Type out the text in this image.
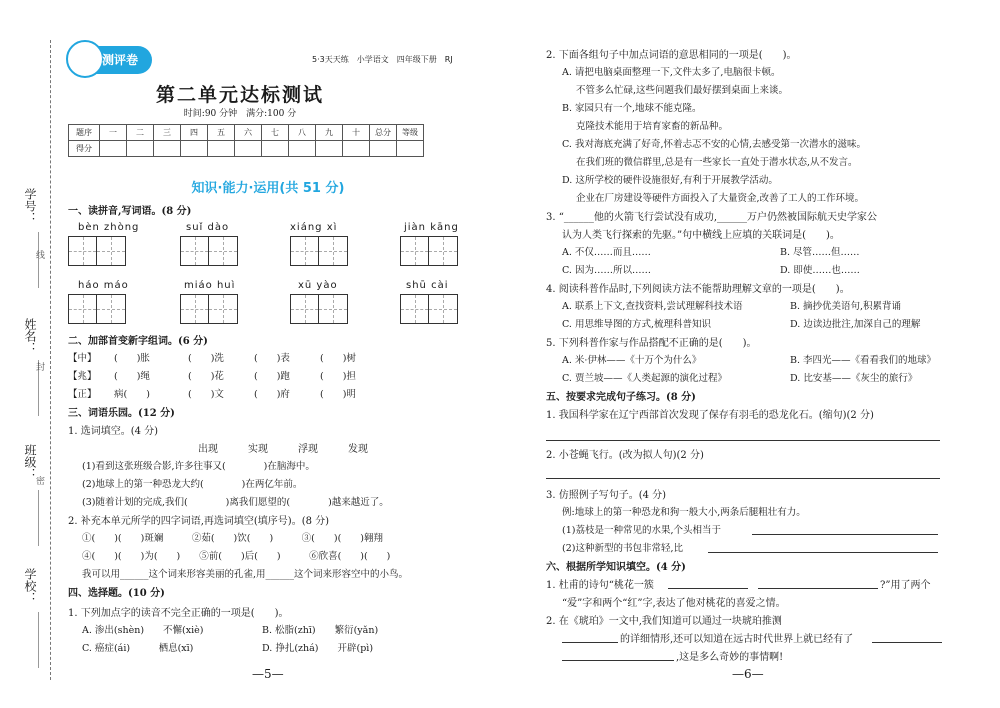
学号：
线
姓名：
封
班级：
密
学校：
测评卷	5·3天天练　小学语文　四年级下册　RJ
第二单元达标测试
时间:90 分钟　满分:100 分
题序	一	二	三	四	五	六	七	八	九	十	总分	等级
得分												
知识·能力·运用(共 51 分)
一、读拼音,写词语。(8 分)
bèn zhòng	suǐ dào	xiáng xì	jiàn kāng
háo máo	miáo huì	xū yào	shū cài
二、加部首变新字组词。(6 分)
【中】 (　　)胀	(　　)洗	(　　)表	(　　)树
【兆】 (　　)绳	(　　)花	(　　)跑	(　　)担
【正】 病(　　)	(　　)文	(　　)府	(　　)明
三、词语乐园。(12 分)
1. 选词填空。(4 分)
出现　　　实现　　　浮现　　　发现
(1)看到这张班级合影,许多往事又(　　　　)在脑海中。
(2)地球上的第一种恐龙大约(　　　　)在两亿年前。
(3)随着计划的完成,我们(　　　　)离我们愿望的(　　　　)越来越近了。
2. 补充本单元所学的四字词语,再选词填空(填序号)。(8 分)
①(　　)(　　)斑斓　　　②茹(　　)饮(　　)　　　③(　　)(　　)翱翔
④(　　)(　　)为(　　)　　⑤前(　　)后(　　)　　　⑥欣喜(　　)(　　)
我可以用______这个词来形容美丽的孔雀,用______这个词来形容空中的小鸟。
四、选择题。(10 分)
1. 下列加点字的读音不完全正确的一项是(　　)。
A. 渗出(shèn)　　不懈(xiè)	B. 松脂(zhī)　　繁衍(yǎn)
C. 癌症(ái)　　　栖息(xī)	D. 挣扎(zhá)　　开辟(pì)
—5—
2. 下面各组句子中加点词语的意思相同的一项是(　　)。
A. 请把电脑桌面整理一下,文件太多了,电脑很卡顿。
不管多么忙碌,这些问题我们最好摆到桌面上来谈。
B. 家园只有一个,地球不能克隆。
克隆技术能用于培育家畜的新品种。
C. 我对海底充满了好奇,怀着忐忑不安的心情,去感受第一次潜水的滋味。
在我们班的微信群里,总是有一些家长一直处于潜水状态,从不发言。
D. 这所学校的硬件设施很好,有利于开展教学活动。
企业在厂房建设等硬件方面投入了大量资金,改善了工人的工作环境。
3. “______他的火箭飞行尝试没有成功,______万户仍然被国际航天史学家公
认为人类飞行探索的先驱。”句中横线上应填的关联词是(　　)。
A. 不仅……而且……	B. 尽管……但……
C. 因为……所以……	D. 即使……也……
4. 阅读科普作品时,下列阅读方法不能帮助理解文章的一项是(　　)。
A. 联系上下文,查找资料,尝试理解科技术语	B. 摘抄优美语句,积累背诵
C. 用思维导图的方式,梳理科普知识	D. 边读边批注,加深自己的理解
5. 下列科普作家与作品搭配不正确的是(　　)。
A. 米·伊林——《十万个为什么》	B. 李四光——《看看我们的地球》
C. 贾兰坡——《人类起源的演化过程》	D. 比安基——《灰尘的旅行》
五、按要求完成句子练习。(8 分)
1. 我国科学家在辽宁西部首次发现了保存有羽毛的恐龙化石。(缩句)(2 分)
2. 小苍蝇飞行。(改为拟人句)(2 分)
3. 仿照例子写句子。(4 分)
例:地球上的第一种恐龙和狗一般大小,两条后腿粗壮有力。
(1)荔枝是一种常见的水果,个头相当于
(2)这种新型的书包非常轻,比
六、根据所学知识填空。(4 分)
1. 杜甫的诗句“桃花一簇	?”用了两个
“爱”字和两个“红”字,表达了他对桃花的喜爱之情。
2. 在《琥珀》一文中,我们知道可以通过一块琥珀推测
的详细情形,还可以知道在远古时代世界上就已经有了
,这是多么奇妙的事情啊!
—6—
